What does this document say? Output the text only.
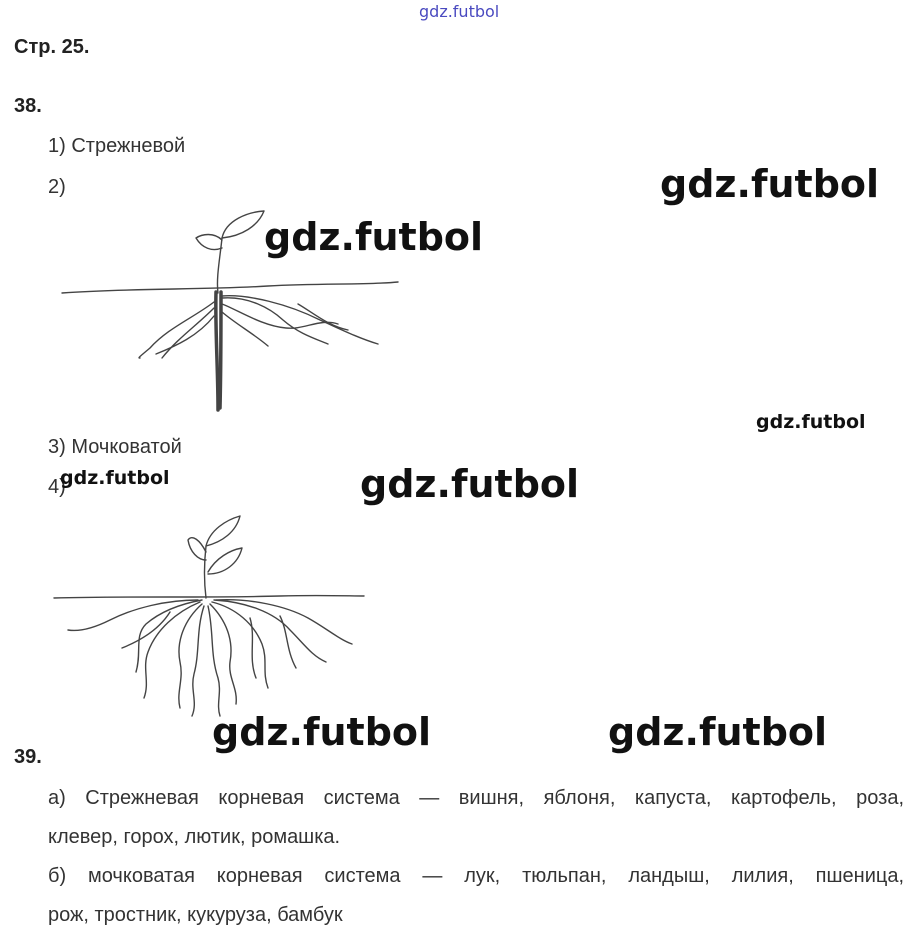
gdz.futbol
Стр. 25.
38.
1) Стрежневой
2)
3) Мочковатой
4)
gdz.futbol
gdz.futbol
gdz.futbol
gdz.futbol
gdz.futbol
gdz.futbol	gdz.futbol
39.
а) Стрежневая корневая система — вишня, яблоня, капуста, картофель, роза,
клевер, горох, лютик, ромашка.
б) мочковатая корневая система — лук, тюльпан, ландыш, лилия, пшеница,
рож, тростник, кукуруза, бамбук
